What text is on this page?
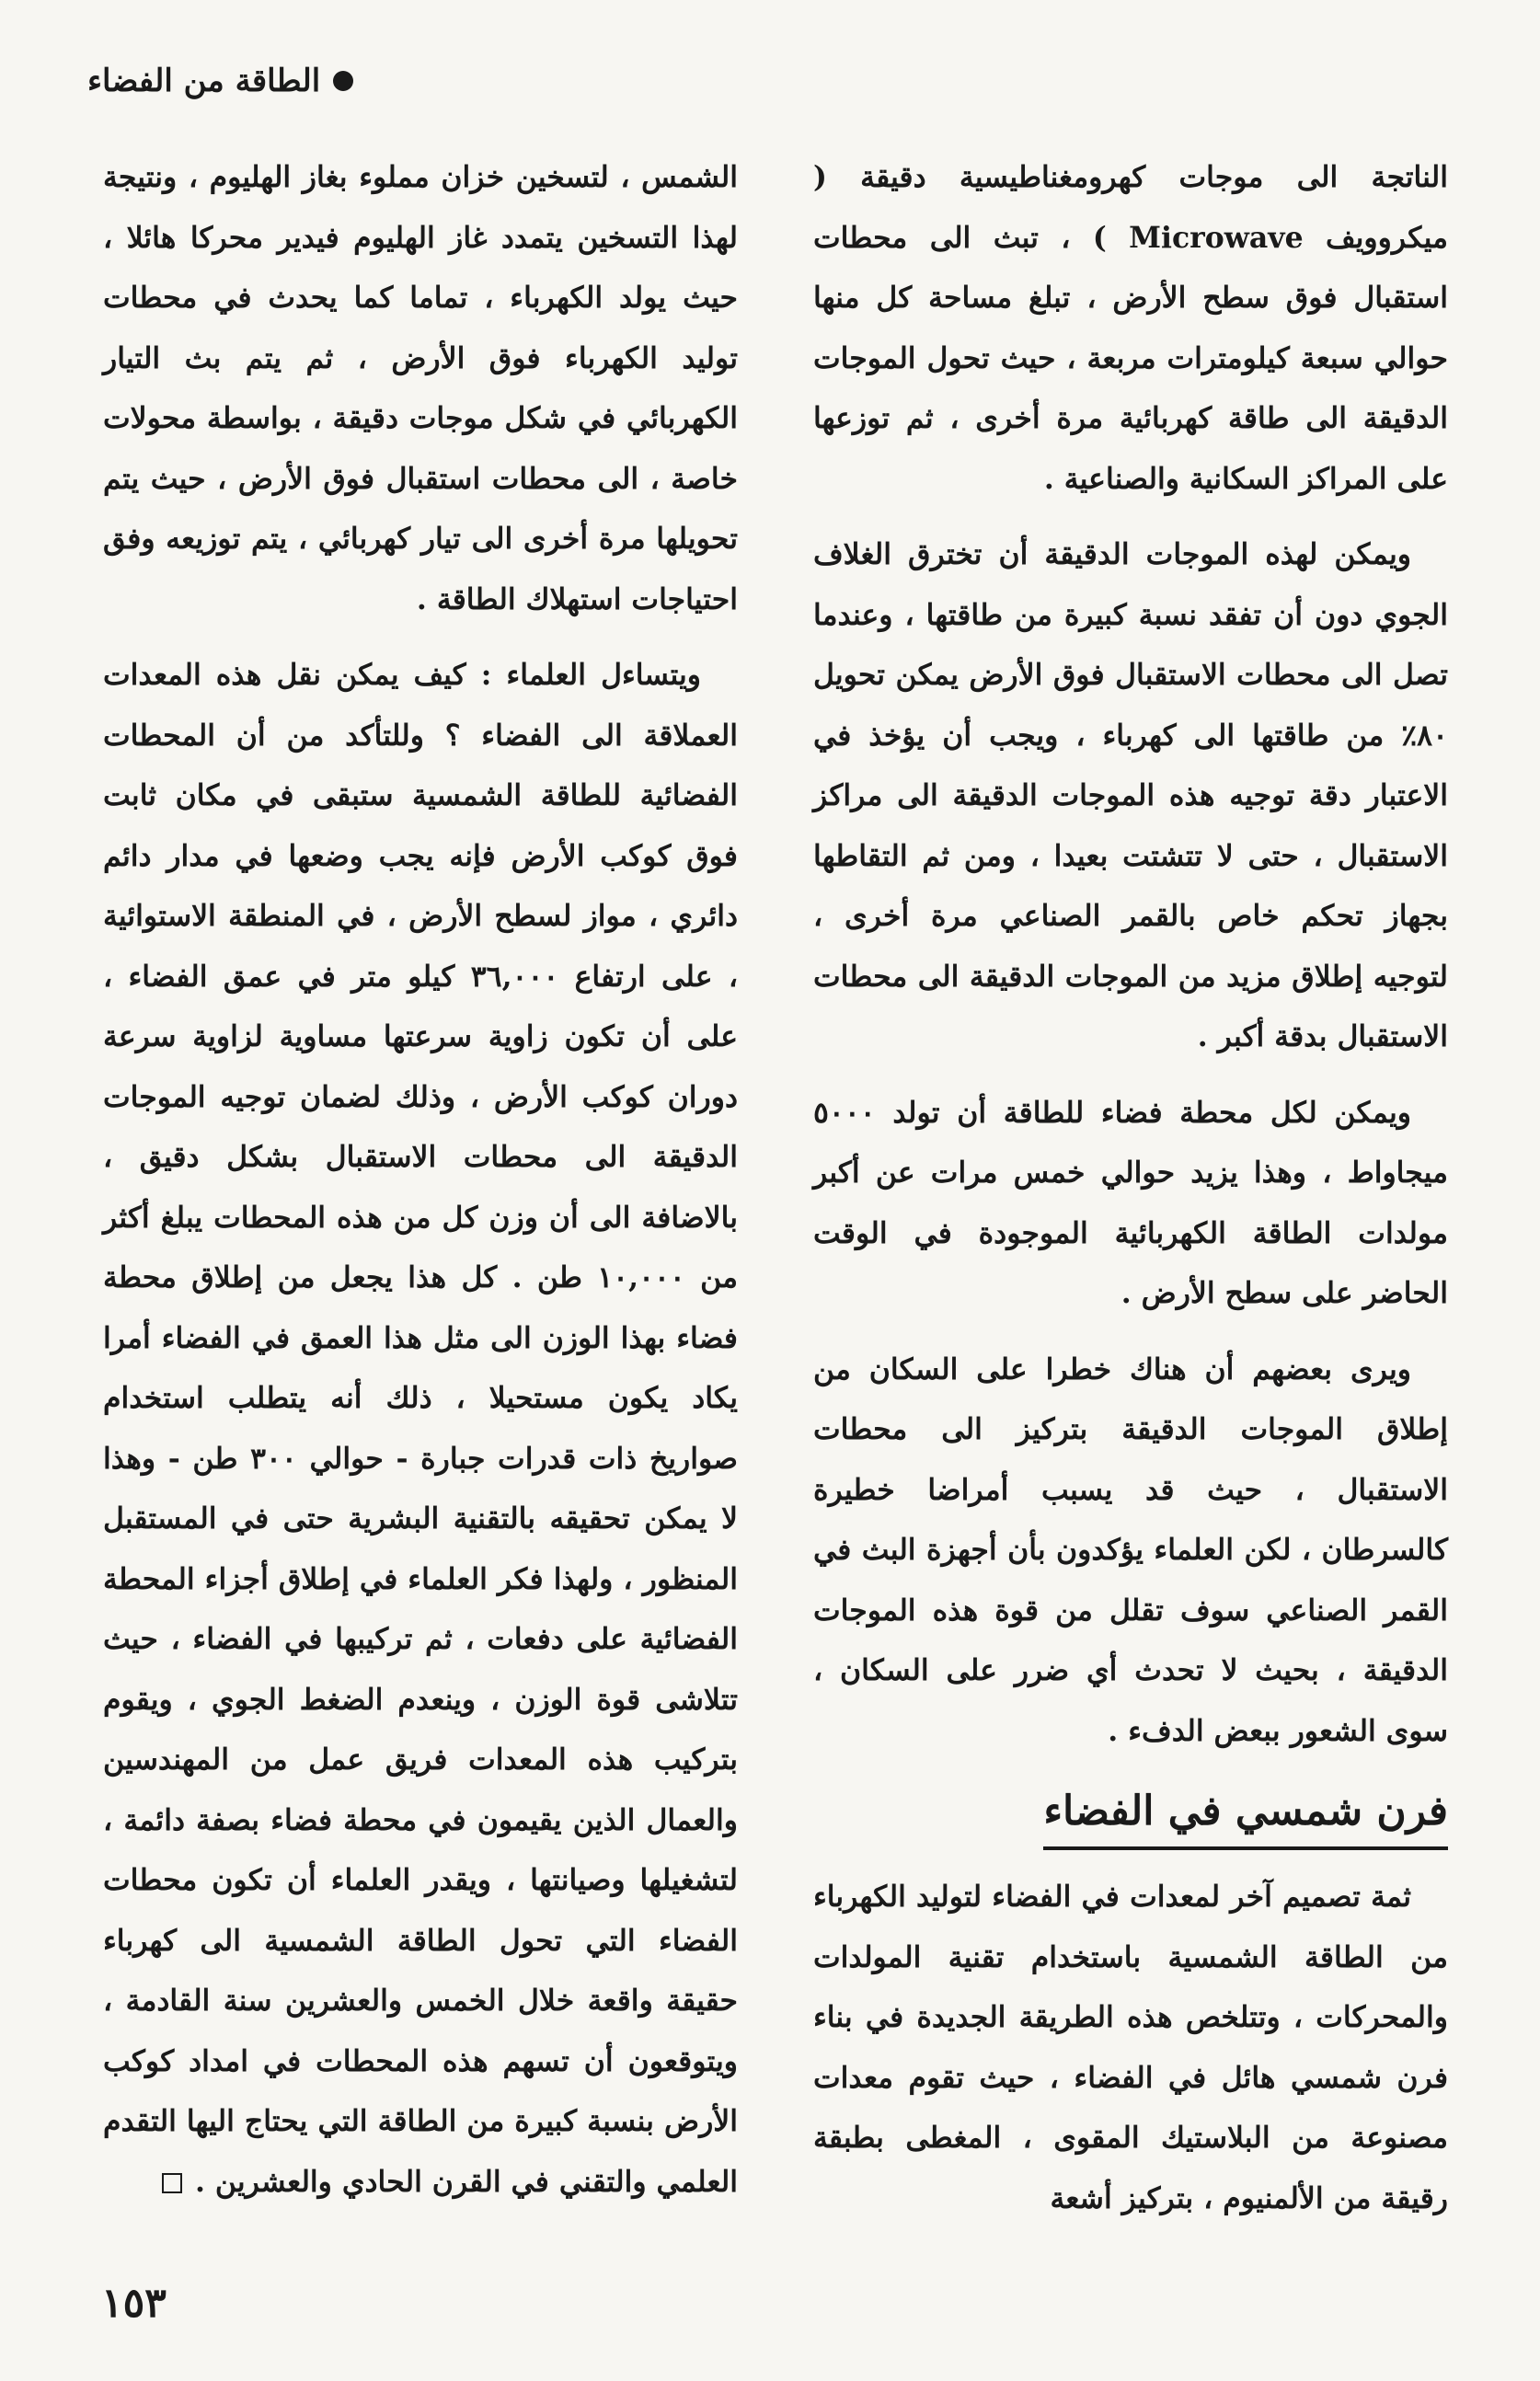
الطاقة من الفضاء

الناتجة الى موجات كهرومغناطيسية دقيقة ( ميكروويف Microwave ) ، تبث الى محطات استقبال فوق سطح الأرض ، تبلغ مساحة كل منها حوالي سبعة كيلومترات مربعة ، حيث تحول الموجات الدقيقة الى طاقة كهربائية مرة أخرى ، ثم توزعها على المراكز السكانية والصناعية .

ويمكن لهذه الموجات الدقيقة أن تخترق الغلاف الجوي دون أن تفقد نسبة كبيرة من طاقتها ، وعندما تصل الى محطات الاستقبال فوق الأرض يمكن تحويل ٨٠٪ من طاقتها الى كهرباء ، ويجب أن يؤخذ في الاعتبار دقة توجيه هذه الموجات الدقيقة الى مراكز الاستقبال ، حتى لا تتشتت بعيدا ، ومن ثم التقاطها بجهاز تحكم خاص بالقمر الصناعي مرة أخرى ، لتوجيه إطلاق مزيد من الموجات الدقيقة الى محطات الاستقبال بدقة أكبر .

ويمكن لكل محطة فضاء للطاقة أن تولد ٥٠٠٠ ميجاواط ، وهذا يزيد حوالي خمس مرات عن أكبر مولدات الطاقة الكهربائية الموجودة في الوقت الحاضر على سطح الأرض .

ويرى بعضهم أن هناك خطرا على السكان من إطلاق الموجات الدقيقة بتركيز الى محطات الاستقبال ، حيث قد يسبب أمراضا خطيرة كالسرطان ، لكن العلماء يؤكدون بأن أجهزة البث في القمر الصناعي سوف تقلل من قوة هذه الموجات الدقيقة ، بحيث لا تحدث أي ضرر على السكان ، سوى الشعور ببعض الدفء .

فرن شمسي في الفضاء

ثمة تصميم آخر لمعدات في الفضاء لتوليد الكهرباء من الطاقة الشمسية باستخدام تقنية المولدات والمحركات ، وتتلخص هذه الطريقة الجديدة في بناء فرن شمسي هائل في الفضاء ، حيث تقوم معدات مصنوعة من البلاستيك المقوى ، المغطى بطبقة رقيقة من الألمنيوم ، بتركيز أشعة

الشمس ، لتسخين خزان مملوء بغاز الهليوم ، ونتيجة لهذا التسخين يتمدد غاز الهليوم فيدير محركا هائلا ، حيث يولد الكهرباء ، تماما كما يحدث في محطات توليد الكهرباء فوق الأرض ، ثم يتم بث التيار الكهربائي في شكل موجات دقيقة ، بواسطة محولات خاصة ، الى محطات استقبال فوق الأرض ، حيث يتم تحويلها مرة أخرى الى تيار كهربائي ، يتم توزيعه وفق احتياجات استهلاك الطاقة .

ويتساءل العلماء : كيف يمكن نقل هذه المعدات العملاقة الى الفضاء ؟ وللتأكد من أن المحطات الفضائية للطاقة الشمسية ستبقى في مكان ثابت فوق كوكب الأرض فإنه يجب وضعها في مدار دائم دائري ، مواز لسطح الأرض ، في المنطقة الاستوائية ، على ارتفاع ٣٦,٠٠٠ كيلو متر في عمق الفضاء ، على أن تكون زاوية سرعتها مساوية لزاوية سرعة دوران كوكب الأرض ، وذلك لضمان توجيه الموجات الدقيقة الى محطات الاستقبال بشكل دقيق ، بالاضافة الى أن وزن كل من هذه المحطات يبلغ أكثر من ١٠,٠٠٠ طن . كل هذا يجعل من إطلاق محطة فضاء بهذا الوزن الى مثل هذا العمق في الفضاء أمرا يكاد يكون مستحيلا ، ذلك أنه يتطلب استخدام صواريخ ذات قدرات جبارة - حوالي ٣٠٠ طن - وهذا لا يمكن تحقيقه بالتقنية البشرية حتى في المستقبل المنظور ، ولهذا فكر العلماء في إطلاق أجزاء المحطة الفضائية على دفعات ، ثم تركيبها في الفضاء ، حيث تتلاشى قوة الوزن ، وينعدم الضغط الجوي ، ويقوم بتركيب هذه المعدات فريق عمل من المهندسين والعمال الذين يقيمون في محطة فضاء بصفة دائمة ، لتشغيلها وصيانتها ، ويقدر العلماء أن تكون محطات الفضاء التي تحول الطاقة الشمسية الى كهرباء حقيقة واقعة خلال الخمس والعشرين سنة القادمة ، ويتوقعون أن تسهم هذه المحطات في امداد كوكب الأرض بنسبة كبيرة من الطاقة التي يحتاج اليها التقدم العلمي والتقني في القرن الحادي والعشرين .

١٥٣
